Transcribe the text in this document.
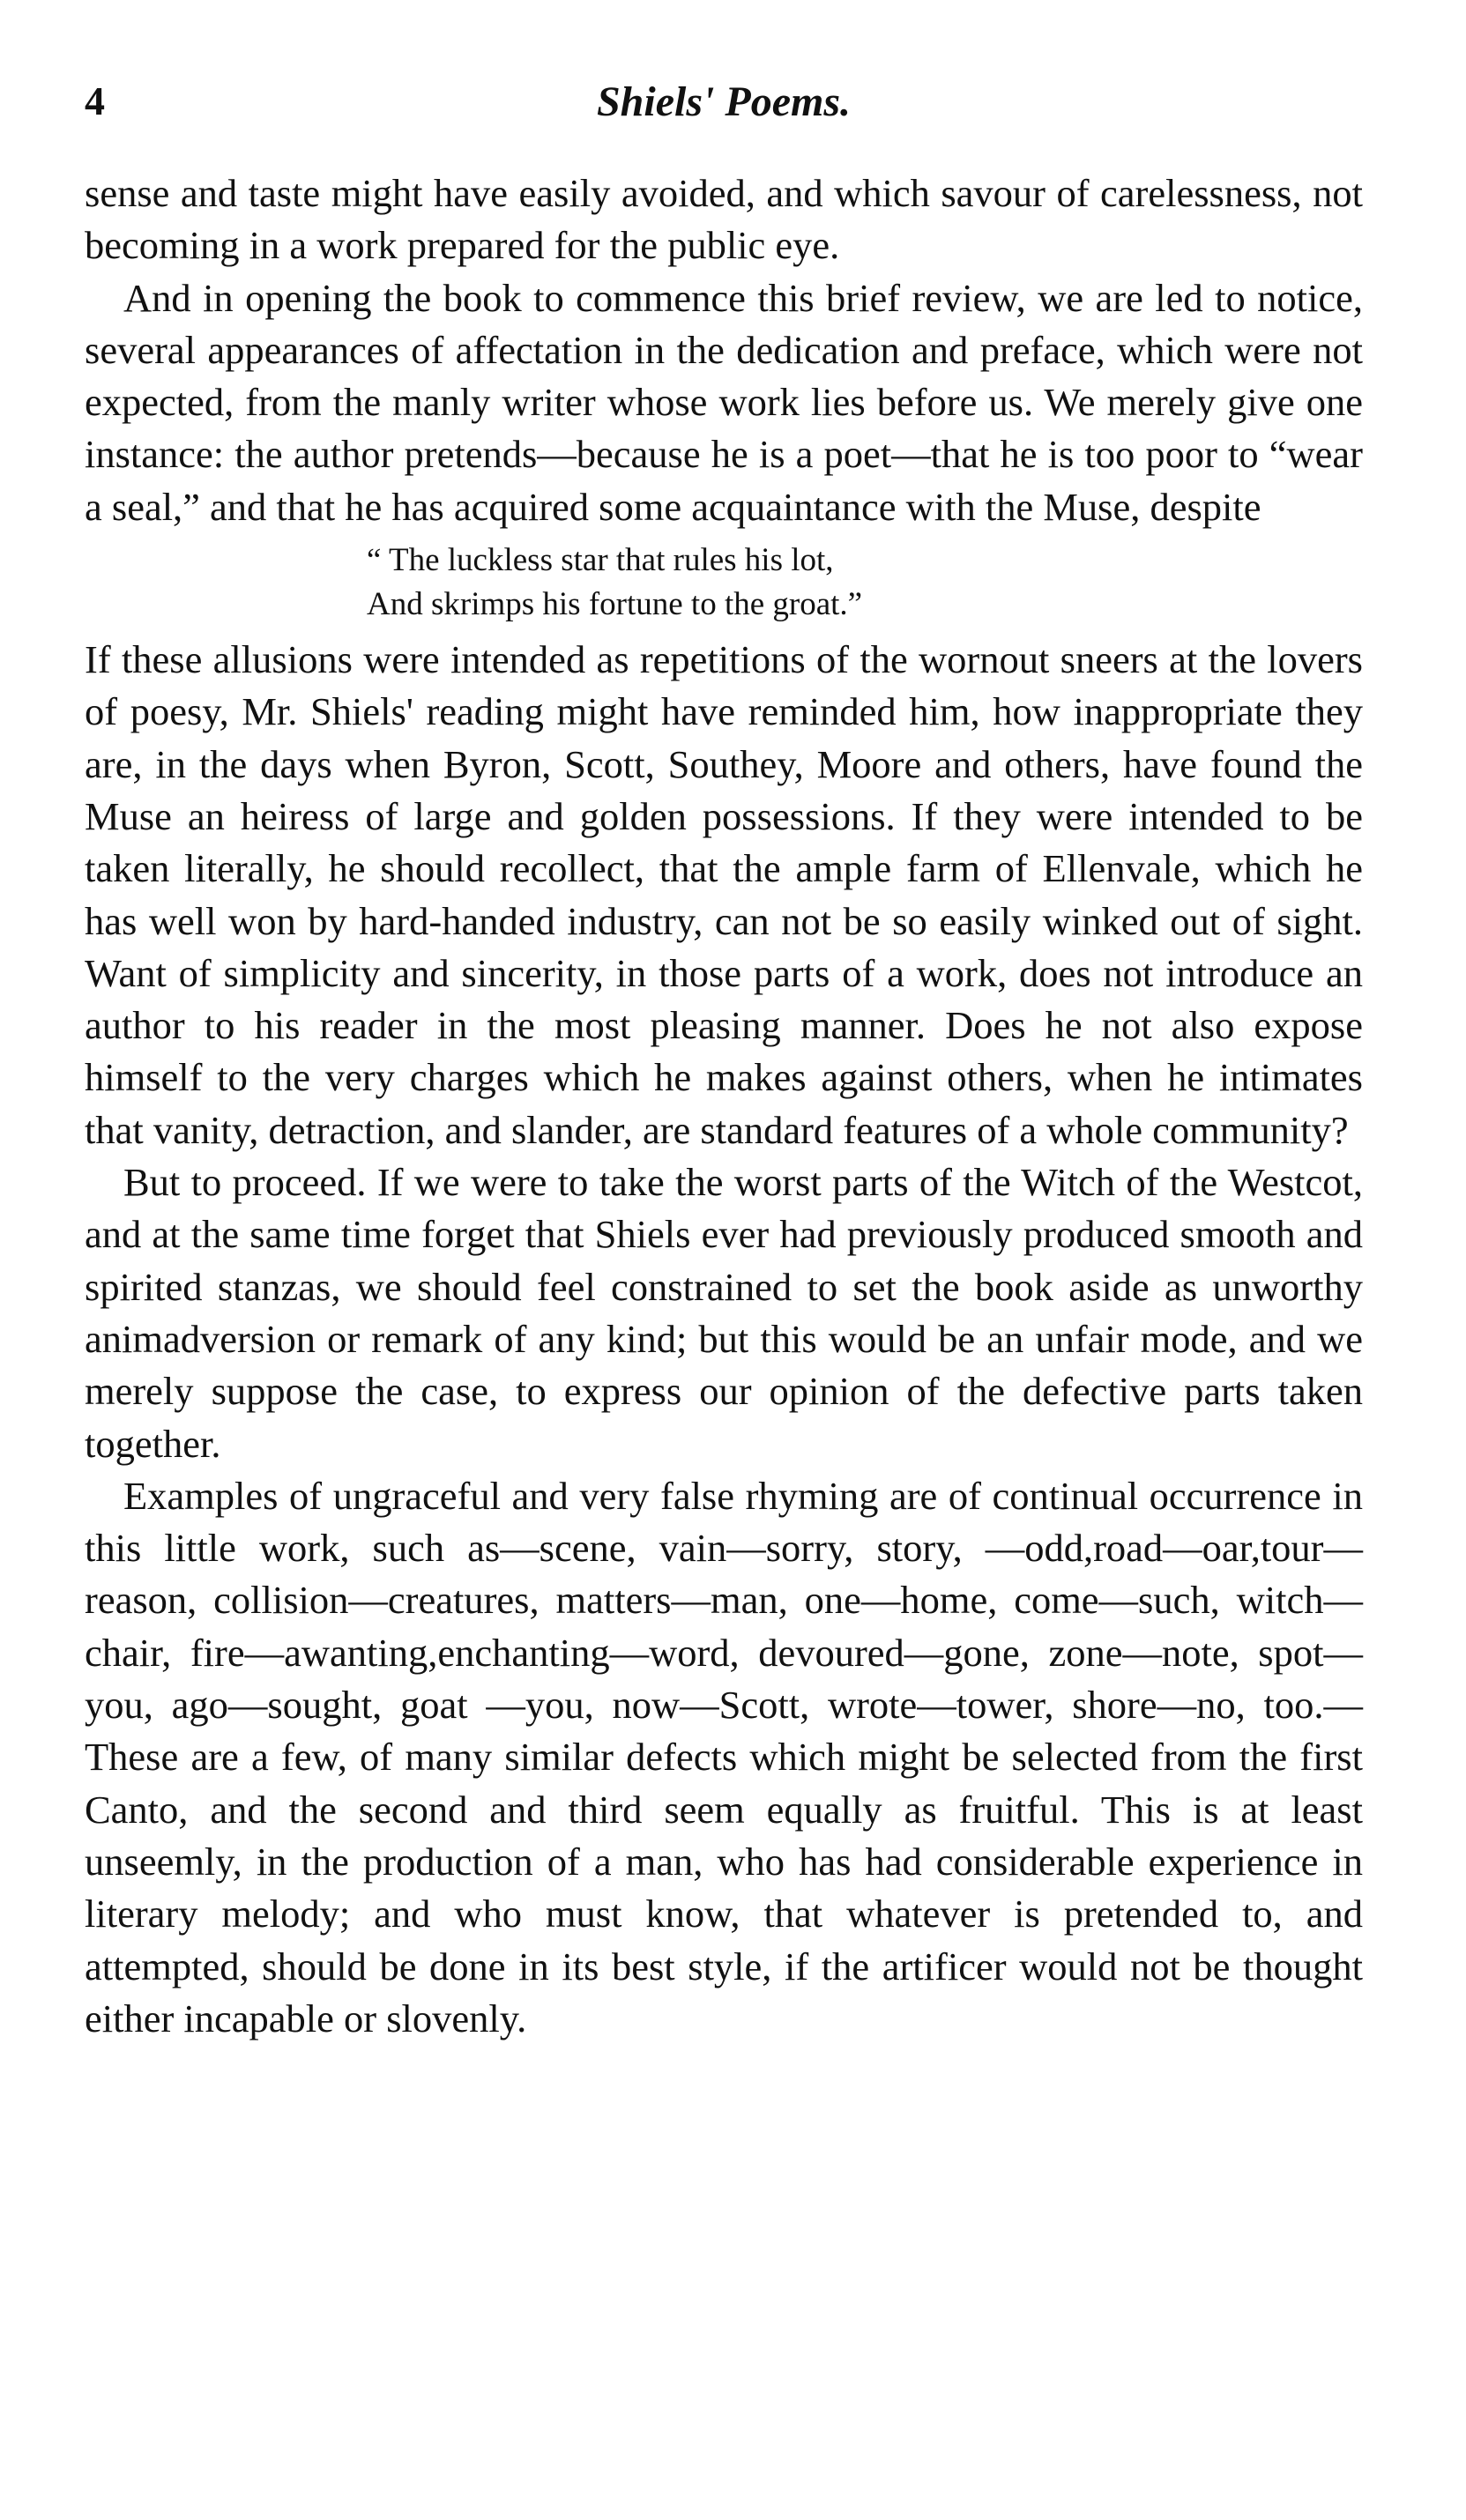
4	Shiels' Poems.

sense and taste might have easily avoided, and which savour of carelessness, not becoming in a work prepared for the public eye.

And in opening the book to commence this brief review, we are led to notice, several appearances of affectation in the dedication and preface, which were not expected, from the manly writer whose work lies before us. We merely give one instance: the author pretends—because he is a poet—that he is too poor to “wear a seal,” and that he has acquired some acquaintance with the Muse, despite

“ The luckless star that rules his lot,
And skrimps his fortune to the groat.”

If these allusions were intended as repetitions of the wornout sneers at the lovers of poesy, Mr. Shiels' reading might have reminded him, how inappropriate they are, in the days when Byron, Scott, Southey, Moore and others, have found the Muse an heiress of large and golden possessions. If they were intended to be taken literally, he should recollect, that the ample farm of Ellenvale, which he has well won by hard-handed industry, can not be so easily winked out of sight. Want of simplicity and sincerity, in those parts of a work, does not introduce an author to his reader in the most pleasing manner. Does he not also expose himself to the very charges which he makes against others, when he intimates that vanity, detraction, and slander, are standard features of a whole community?

But to proceed. If we were to take the worst parts of the Witch of the Westcot, and at the same time forget that Shiels ever had previously produced smooth and spirited stanzas, we should feel constrained to set the book aside as unworthy animadversion or remark of any kind; but this would be an unfair mode, and we merely suppose the case, to express our opinion of the defective parts taken together.

Examples of ungraceful and very false rhyming are of continual occurrence in this little work, such as—scene, vain—sorry, story, —odd,road—oar,tour—reason, collision—creatures, matters—man, one—home, come—such, witch—chair, fire—awanting,enchanting—word, devoured—gone, zone—note, spot—you, ago—sought, goat —you, now—Scott, wrote—tower, shore—no, too.—These are a few, of many similar defects which might be selected from the first Canto, and the second and third seem equally as fruitful. This is at least unseemly, in the production of a man, who has had considerable experience in literary melody; and who must know, that whatever is pretended to, and attempted, should be done in its best style, if the artificer would not be thought either incapable or slovenly.
